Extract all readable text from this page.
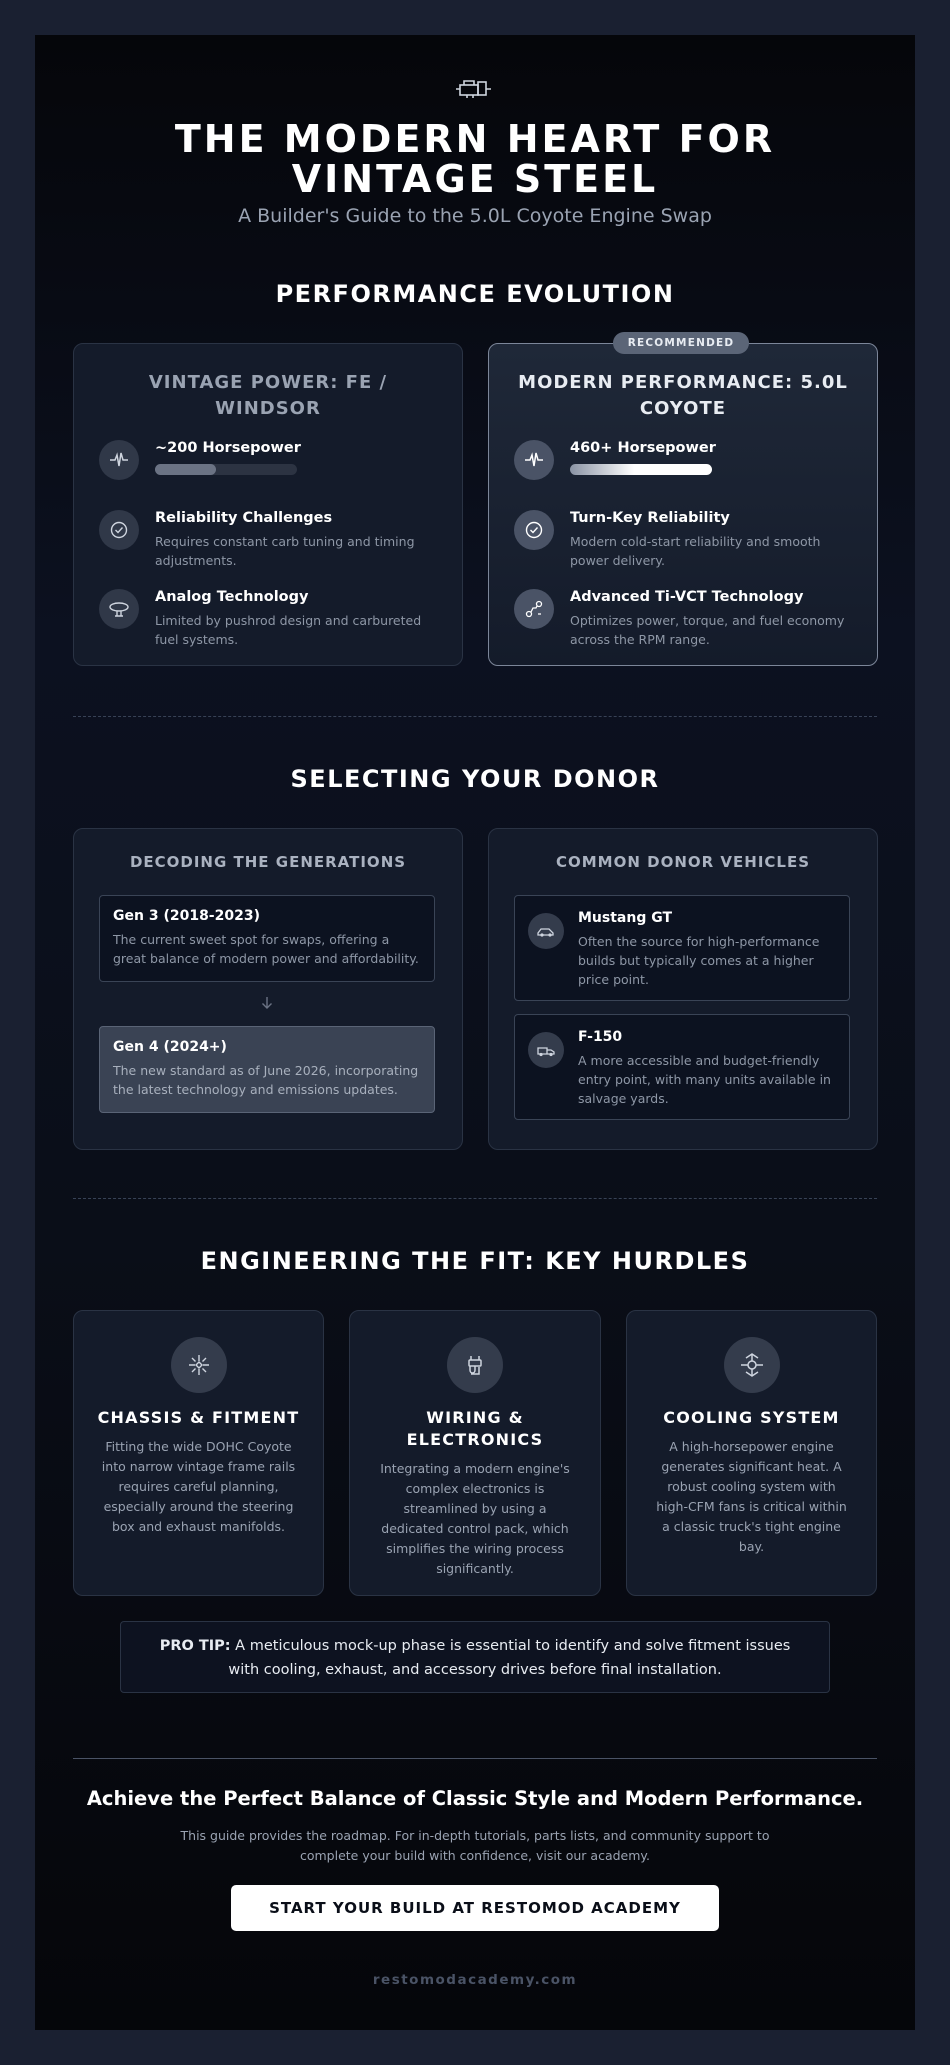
THE MODERN HEART FOR
VINTAGE STEEL
A Builder's Guide to the 5.0L Coyote Engine Swap
PERFORMANCE EVOLUTION
VINTAGE POWER: FE / WINDSOR
~200 Horsepower
Reliability Challenges
Requires constant carb tuning and timing adjustments.
Analog Technology
Limited by pushrod design and carbureted fuel systems.
RECOMMENDED
MODERN PERFORMANCE: 5.0L COYOTE
460+ Horsepower
Turn-Key Reliability
Modern cold-start reliability and smooth power delivery.
Advanced Ti-VCT Technology
Optimizes power, torque, and fuel economy across the RPM range.
SELECTING YOUR DONOR
DECODING THE GENERATIONS
Gen 3 (2018-2023)
The current sweet spot for swaps, offering a great balance of modern power and affordability.
Gen 4 (2024+)
The new standard as of June 2026, incorporating the latest technology and emissions updates.
COMMON DONOR VEHICLES
Mustang GT
Often the source for high-performance builds but typically comes at a higher price point.
F-150
A more accessible and budget-friendly entry point, with many units available in salvage yards.
ENGINEERING THE FIT: KEY HURDLES
CHASSIS & FITMENT
Fitting the wide DOHC Coyote into narrow vintage frame rails requires careful planning, especially around the steering box and exhaust manifolds.
WIRING & ELECTRONICS
Integrating a modern engine's complex electronics is streamlined by using a dedicated control pack, which simplifies the wiring process significantly.
COOLING SYSTEM
A high-horsepower engine generates significant heat. A robust cooling system with high-CFM fans is critical within a classic truck's tight engine bay.
PRO TIP: A meticulous mock-up phase is essential to identify and solve fitment issues with cooling, exhaust, and accessory drives before final installation.
Achieve the Perfect Balance of Classic Style and Modern Performance.
This guide provides the roadmap. For in-depth tutorials, parts lists, and community support to complete your build with confidence, visit our academy.
START YOUR BUILD AT RESTOMOD ACADEMY
restomodacademy.com
